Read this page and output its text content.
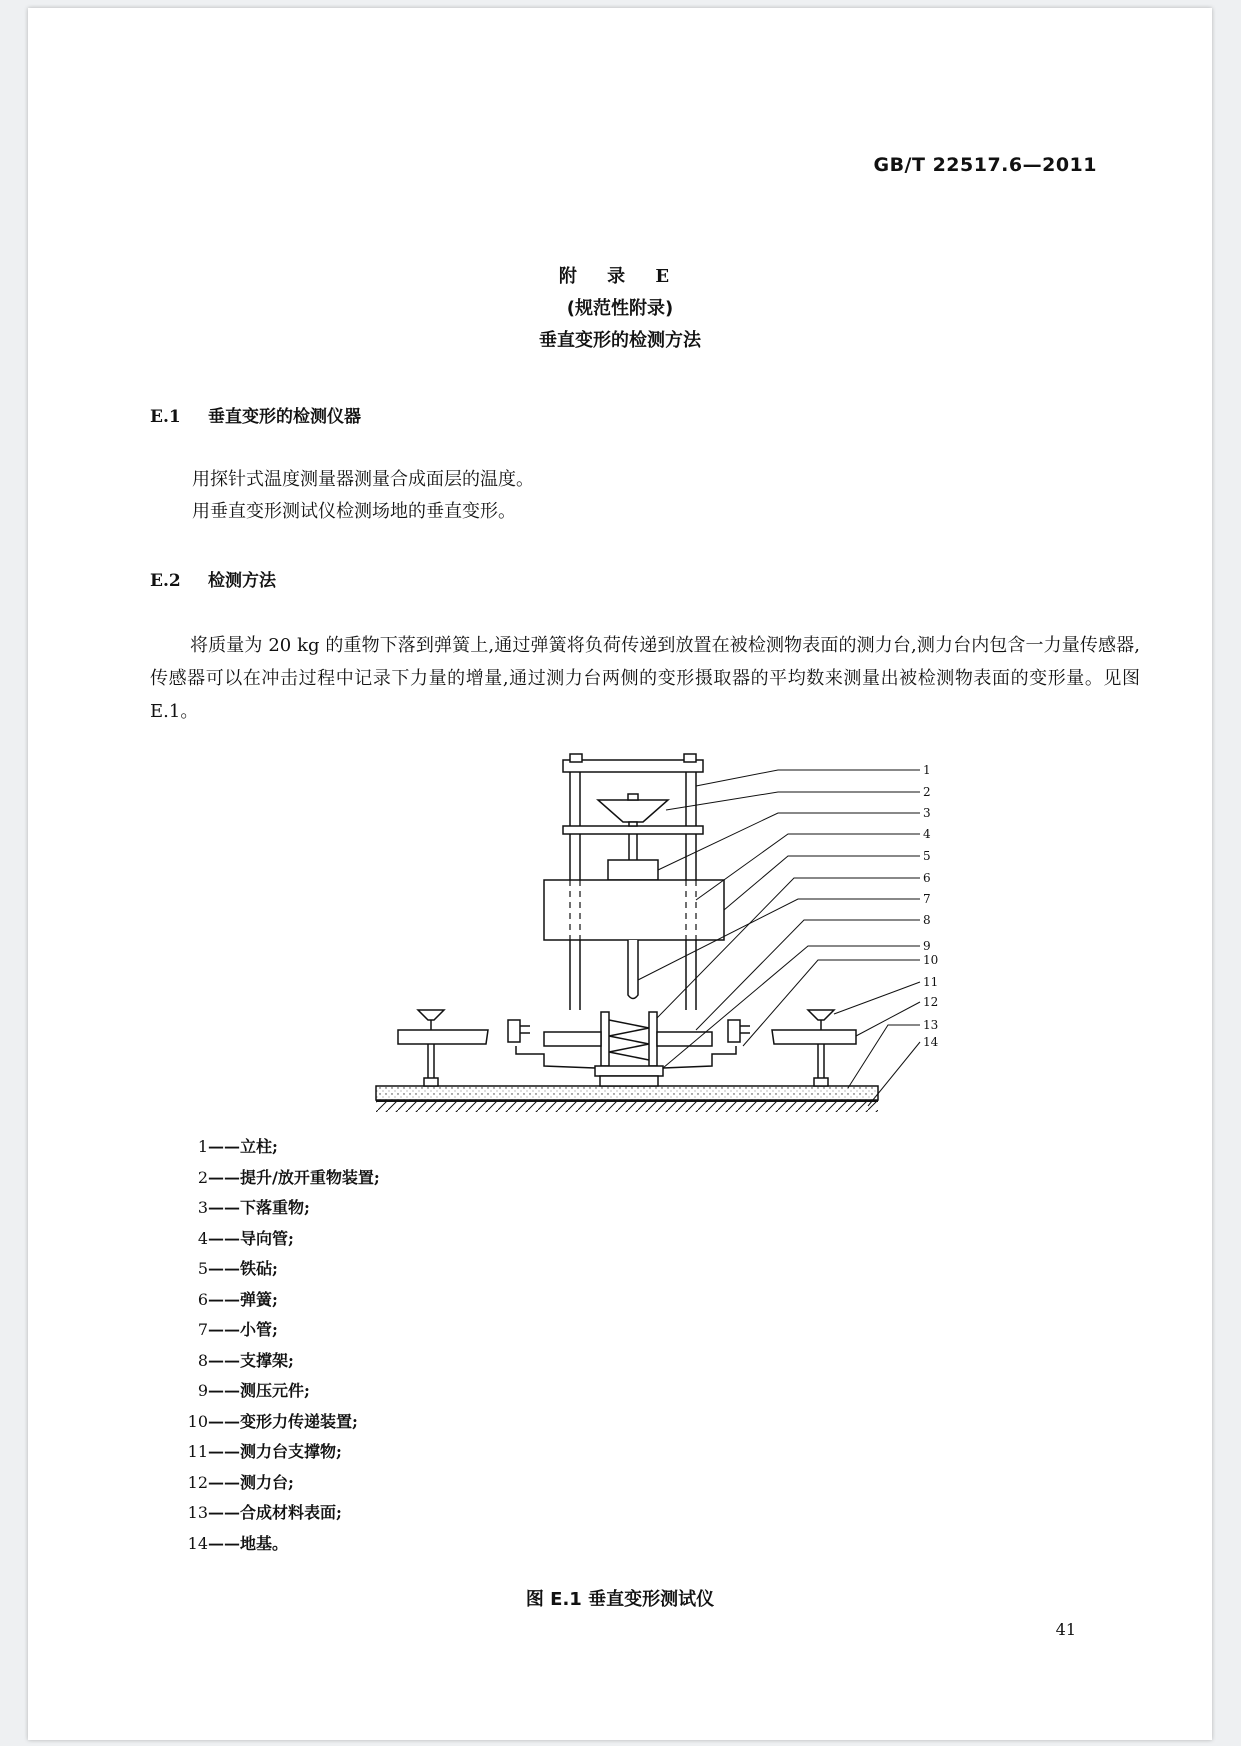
GB/T 22517.6—2011
附 录 E
(规范性附录)
垂直变形的检测方法
E.1 垂直变形的检测仪器
用探针式温度测量器测量合成面层的温度。
用垂直变形测试仪检测场地的垂直变形。
E.2 检测方法
将质量为 20 kg 的重物下落到弹簧上,通过弹簧将负荷传递到放置在被检测物表面的测力台,测力台内包含一力量传感器,传感器可以在冲击过程中记录下力量的增量,通过测力台两侧的变形摄取器的平均数来测量出被检测物表面的变形量。见图 E.1。
1
2
3
4
5
6
7
8
9
10
11
12
13
14
1——立柱;
2——提升/放开重物装置;
3——下落重物;
4——导向管;
5——铁砧;
6——弹簧;
7——小管;
8——支撑架;
9——测压元件;
10——变形力传递装置;
11——测力台支撑物;
12——测力台;
13——合成材料表面;
14——地基。
图 E.1 垂直变形测试仪
41
